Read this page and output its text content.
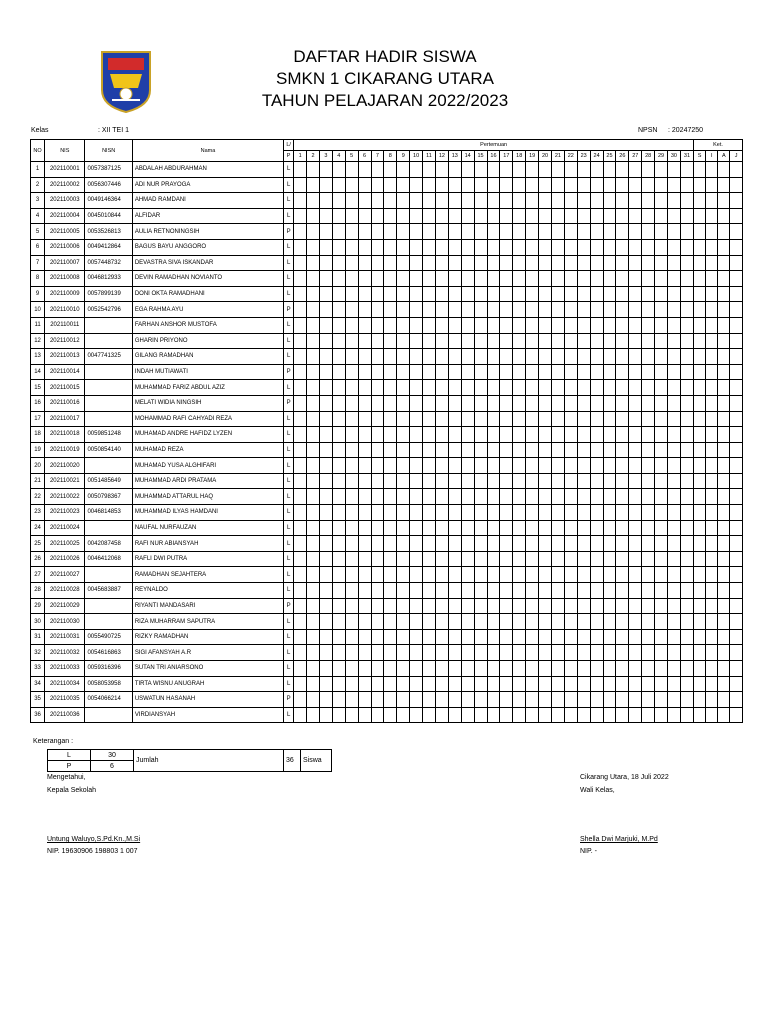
DAFTAR HADIR SISWA
SMKN 1 CIKARANG UTARA
TAHUN PELAJARAN 2022/2023
Kelas	: XII TEI 1	NPSN : 20247250
NO	NIS	NISN	Nama	L/	Pertemuan																															Ket.			
				P	1	2	3	4	5	6	7	8	9	10	11	12	13	14	15	16	17	18	19	20	21	22	23	24	25	26	27	28	29	30	31	S	I	A	J
1	202110001	0057387125	ABDALAH ABDURAHMAN	L																																			
2	202110002	0056307446	ADI NUR PRAYOGA	L																																			
3	202110003	0049146364	AHMAD RAMDANI	L																																			
4	202110004	0045010844	ALFIDAR	L																																			
5	202110005	0053526813	AULIA RETNONINGSIH	P																																			
6	202110006	0049412864	BAGUS BAYU ANGGORO	L																																			
7	202110007	0057448732	DEVASTRA SIVA ISKANDAR	L																																			
8	202110008	0046812933	DEVIN RAMADHAN NOVIANTO	L																																			
9	202110009	0057899139	DONI OKTA RAMADHANI	L																																			
10	202110010	0052542796	EGA RAHMA AYU	P																																			
11	202110011		FARHAN ANSHOR MUSTOFA	L																																			
12	202110012		GHARIN PRIYONO	L																																			
13	202110013	0047741325	GILANG RAMADHAN	L																																			
14	202110014		INDAH MUTIAWATI	P																																			
15	202110015		MUHAMMAD FARIZ ABDUL AZIZ	L																																			
16	202110016		MELATI WIDIA NINGSIH	P																																			
17	202110017		MOHAMMAD RAFI CAHYADI REZA	L																																			
18	202110018	0059851248	MUHAMAD ANDRE HAFIDZ LYZEN	L																																			
19	202110019	0050854140	MUHAMAD REZA	L																																			
20	202110020		MUHAMAD YUSA ALGHIFARI	L																																			
21	202110021	0051485649	MUHAMMAD ARDI PRATAMA	L																																			
22	202110022	0050798367	MUHAMMAD ATTARUL HAQ	L																																			
23	202110023	0046814853	MUHAMMAD ILYAS HAMDANI	L																																			
24	202110024		NAUFAL NURFAUZAN	L																																			
25	202110025	0042087458	RAFI NUR ABIANSYAH	L																																			
26	202110026	0046412068	RAFLI DWI PUTRA	L																																			
27	202110027		RAMADHAN SEJAHTERA	L																																			
28	202110028	0045683887	REYNALDO	L																																			
29	202110029		RIYANTI MANDASARI	P																																			
30	202110030		RIZA MUHARRAM SAPUTRA	L																																			
31	202110031	0055490725	RIZKY RAMADHAN	L																																			
32	202110032	0054616863	SIGI AFANSYAH A.R	L																																			
33	202110033	0059316396	SUTAN TRI ANIARSONO	L																																			
34	202110034	0058053958	TIRTA WISNU ANUGRAH	L																																			
35	202110035	0054066214	USWATUN HASANAH	P																																			
36	202110036		VIRDIANSYAH	L																																			
Keterangan :
L	30	Jumlah	36	Siswa
P	6			
Mengetahui,
Kepala Sekolah
Untung Waluyo,S.Pd.Kn.,M.Si
NIP. 19630906 198803 1 007
Cikarang Utara, 18 Juli 2022
Wali Kelas,
Shella Dwi Marjuki, M.Pd
NIP. -
